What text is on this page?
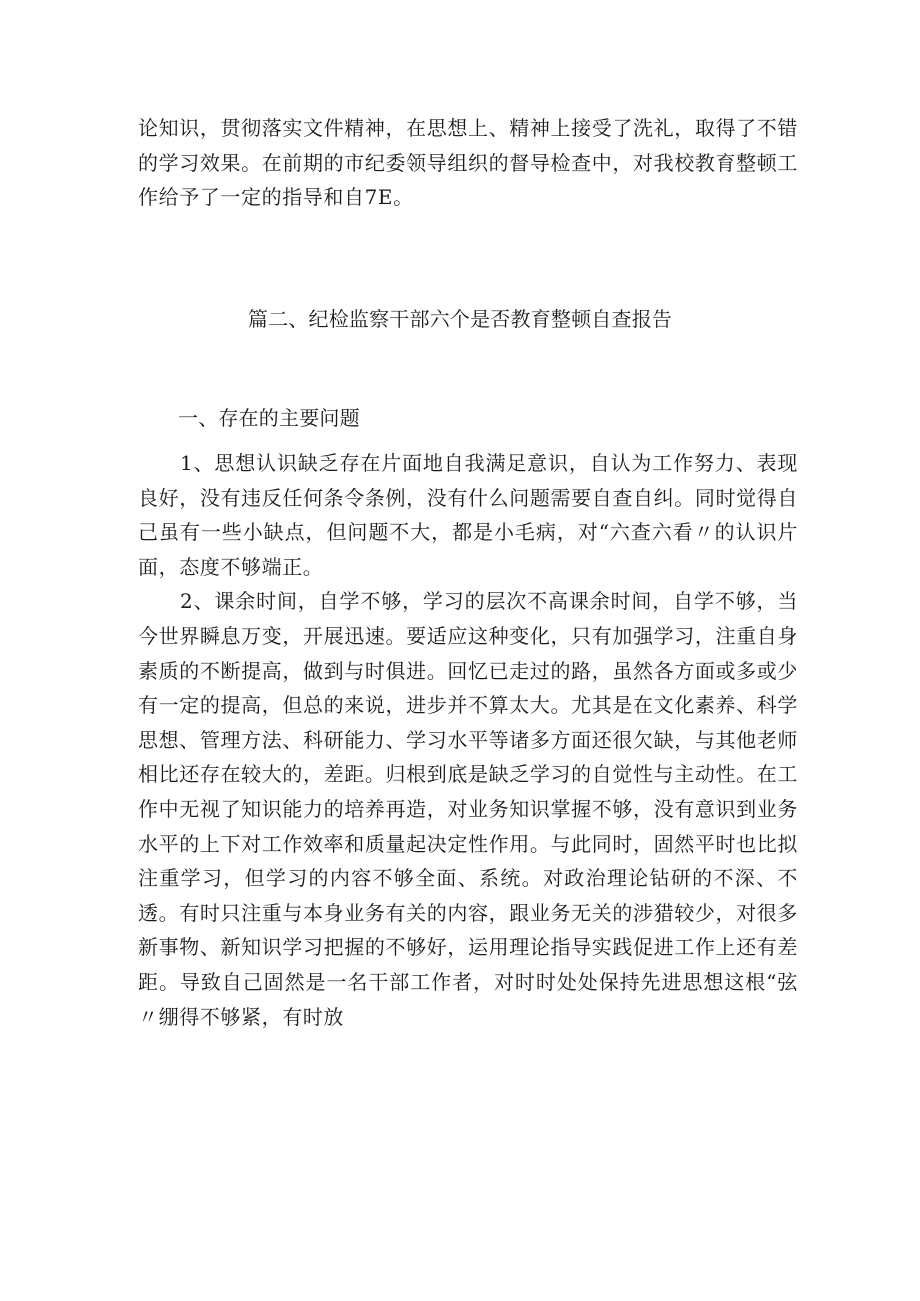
论知识，贯彻落实文件精神，在思想上、精神上接受了洗礼，取得了不错的学习效果。在前期的市纪委领导组织的督导检查中，对我校教育整顿工作给予了一定的指导和自7E。

篇二、纪检监察干部六个是否教育整顿自查报告
一、存在的主要问题

1、思想认识缺乏存在片面地自我满足意识，自认为工作努力、表现良好，没有违反任何条令条例，没有什么问题需要自查自纠。同时觉得自己虽有一些小缺点，但问题不大，都是小毛病，对“六查六看〃的认识片面，态度不够端正。

2、课余时间，自学不够，学习的层次不高课余时间，自学不够，当今世界瞬息万变，开展迅速。要适应这种变化，只有加强学习，注重自身素质的不断提高，做到与时俱进。回忆已走过的路，虽然各方面或多或少有一定的提高，但总的来说，进步并不算太大。尤其是在文化素养、科学思想、管理方法、科研能力、学习水平等诸多方面还很欠缺，与其他老师相比还存在较大的，差距。归根到底是缺乏学习的自觉性与主动性。在工作中无视了知识能力的培养再造，对业务知识掌握不够，没有意识到业务水平的上下对工作效率和质量起决定性作用。与此同时，固然平时也比拟注重学习，但学习的内容不够全面、系统。对政治理论钻研的不深、不透。有时只注重与本身业务有关的内容，跟业务无关的涉猎较少，对很多新事物、新知识学习把握的不够好，运用理论指导实践促进工作上还有差距。导致自己固然是一名干部工作者，对时时处处保持先进思想这根“弦〃绷得不够紧，有时放
